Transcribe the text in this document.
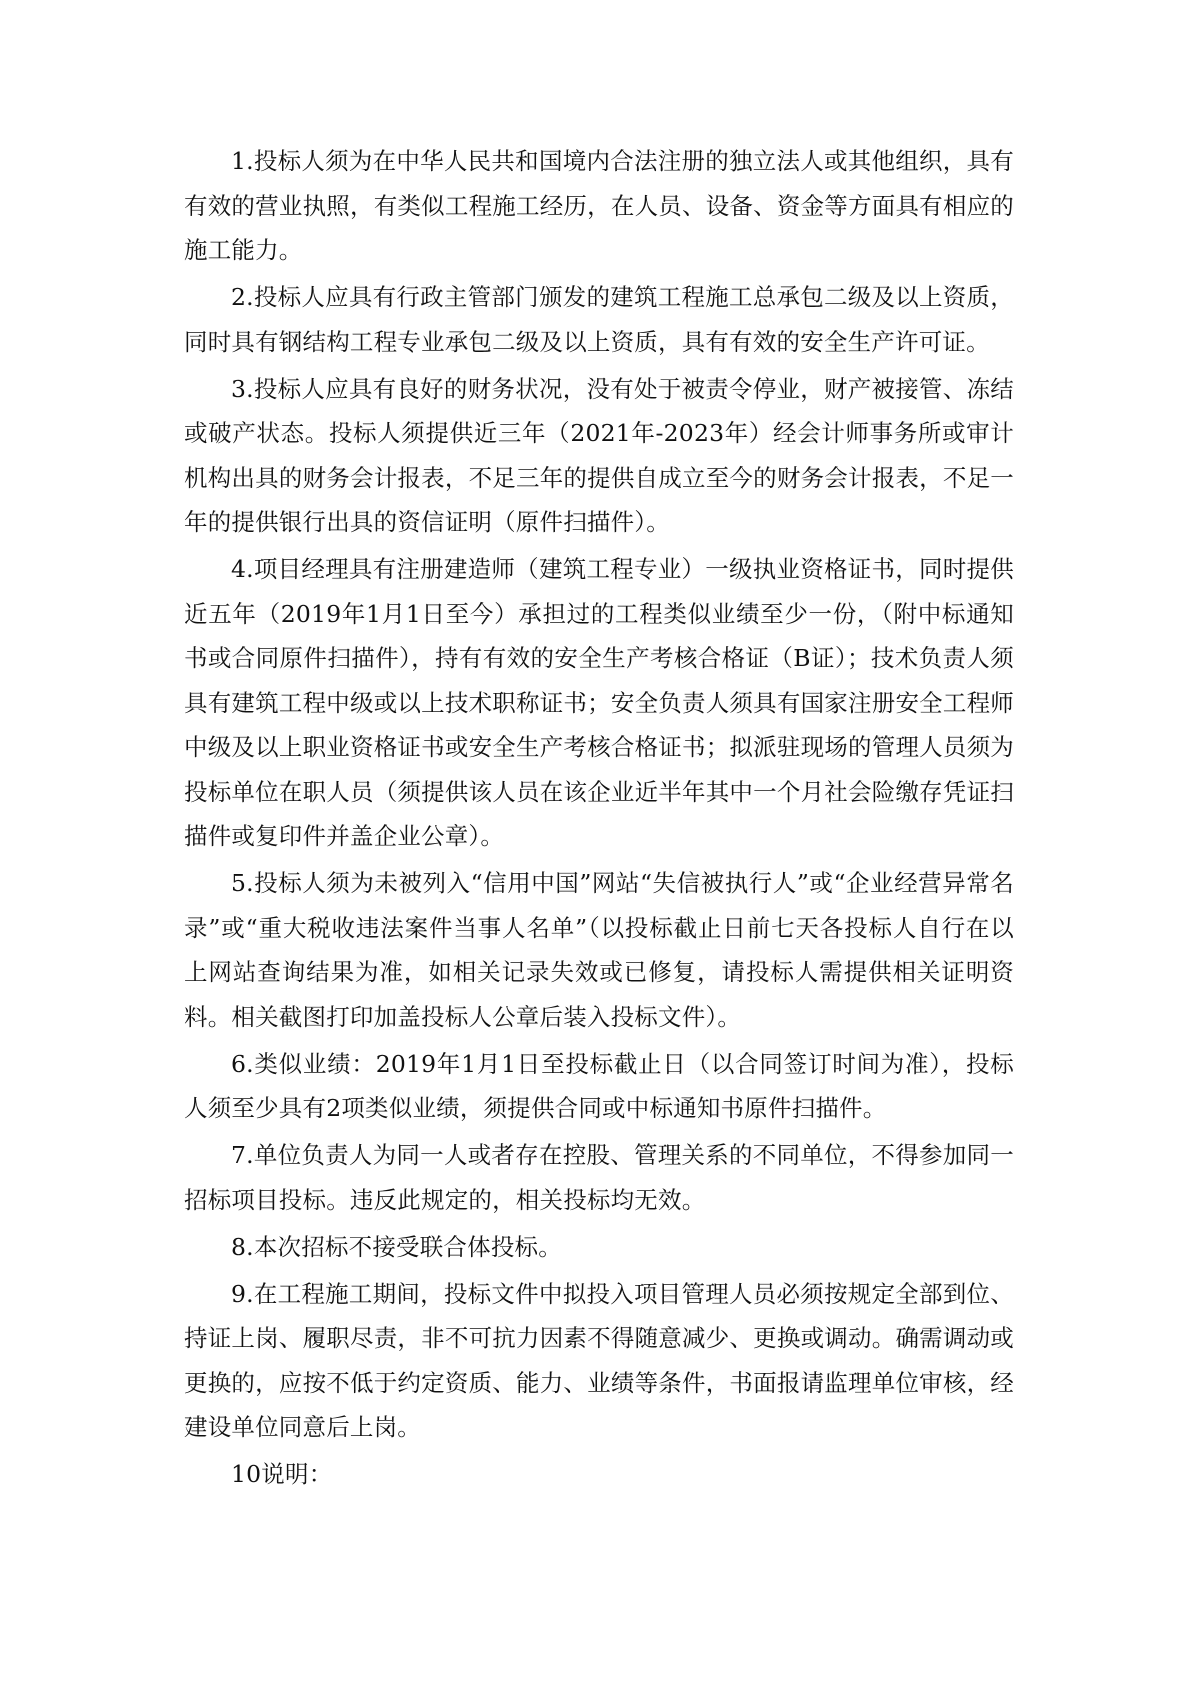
1.投标人须为在中华人民共和国境内合法注册的独立法人或其他组织，具有有效的营业执照，有类似工程施工经历，在人员、设备、资金等方面具有相应的施工能力。

2.投标人应具有行政主管部门颁发的建筑工程施工总承包二级及以上资质，同时具有钢结构工程专业承包二级及以上资质，具有有效的安全生产许可证。

3.投标人应具有良好的财务状况，没有处于被责令停业，财产被接管、冻结或破产状态。投标人须提供近三年（2021年-2023年）经会计师事务所或审计机构出具的财务会计报表，不足三年的提供自成立至今的财务会计报表，不足一年的提供银行出具的资信证明（原件扫描件）。

4.项目经理具有注册建造师（建筑工程专业）一级执业资格证书，同时提供近五年（2019年1月1日至今）承担过的工程类似业绩至少一份，（附中标通知书或合同原件扫描件），持有有效的安全生产考核合格证（B证）；技术负责人须具有建筑工程中级或以上技术职称证书；安全负责人须具有国家注册安全工程师中级及以上职业资格证书或安全生产考核合格证书；拟派驻现场的管理人员须为投标单位在职人员（须提供该人员在该企业近半年其中一个月社会险缴存凭证扫描件或复印件并盖企业公章）。

5.投标人须为未被列入“信用中国”网站“失信被执行人”或“企业经营异常名录”或“重大税收违法案件当事人名单”（以投标截止日前七天各投标人自行在以上网站查询结果为准，如相关记录失效或已修复，请投标人需提供相关证明资料。相关截图打印加盖投标人公章后装入投标文件）。

6.类似业绩：2019年1月1日至投标截止日（以合同签订时间为准），投标人须至少具有2项类似业绩，须提供合同或中标通知书原件扫描件。

7.单位负责人为同一人或者存在控股、管理关系的不同单位，不得参加同一招标项目投标。违反此规定的，相关投标均无效。

8.本次招标不接受联合体投标。

9.在工程施工期间，投标文件中拟投入项目管理人员必须按规定全部到位、持证上岗、履职尽责，非不可抗力因素不得随意减少、更换或调动。确需调动或更换的，应按不低于约定资质、能力、业绩等条件，书面报请监理单位审核，经建设单位同意后上岗。

10说明：
